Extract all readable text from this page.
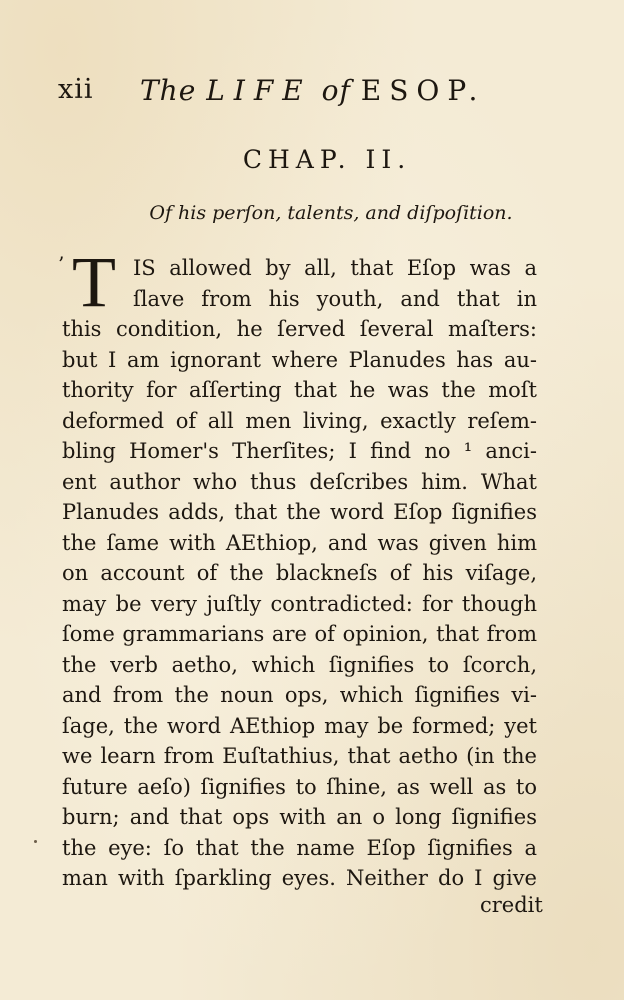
xii The LIFE of ESOP.
CHAP. II.
Of his perſon, talents, and diſpoſition.
’ T IS allowed by all, that Eſop was a
ſlave from his youth, and that in
this condition, he ſerved ſeveral maſters:
but I am ignorant where Planudes has au-
thority for aſſerting that he was the moſt
deformed of all men living, exactly reſem-
bling Homer's Therſites; I find no ¹ anci-
ent author who thus deſcribes him. What
Planudes adds, that the word Eſop ſignifies
the ſame with AEthiop, and was given him
on account of the blackneſs of his viſage,
may be very juſtly contradicted: for though
ſome grammarians are of opinion, that from
the verb aetho, which ſignifies to ſcorch,
and from the noun ops, which ſignifies vi-
ſage, the word AEthiop may be formed; yet
we learn from Euſtathius, that aetho (in the
future aeſo) ſignifies to ſhine, as well as to
burn; and that ops with an o long ſignifies
the eye: ſo that the name Eſop ſignifies a
man with ſparkling eyes. Neither do I give
credit
